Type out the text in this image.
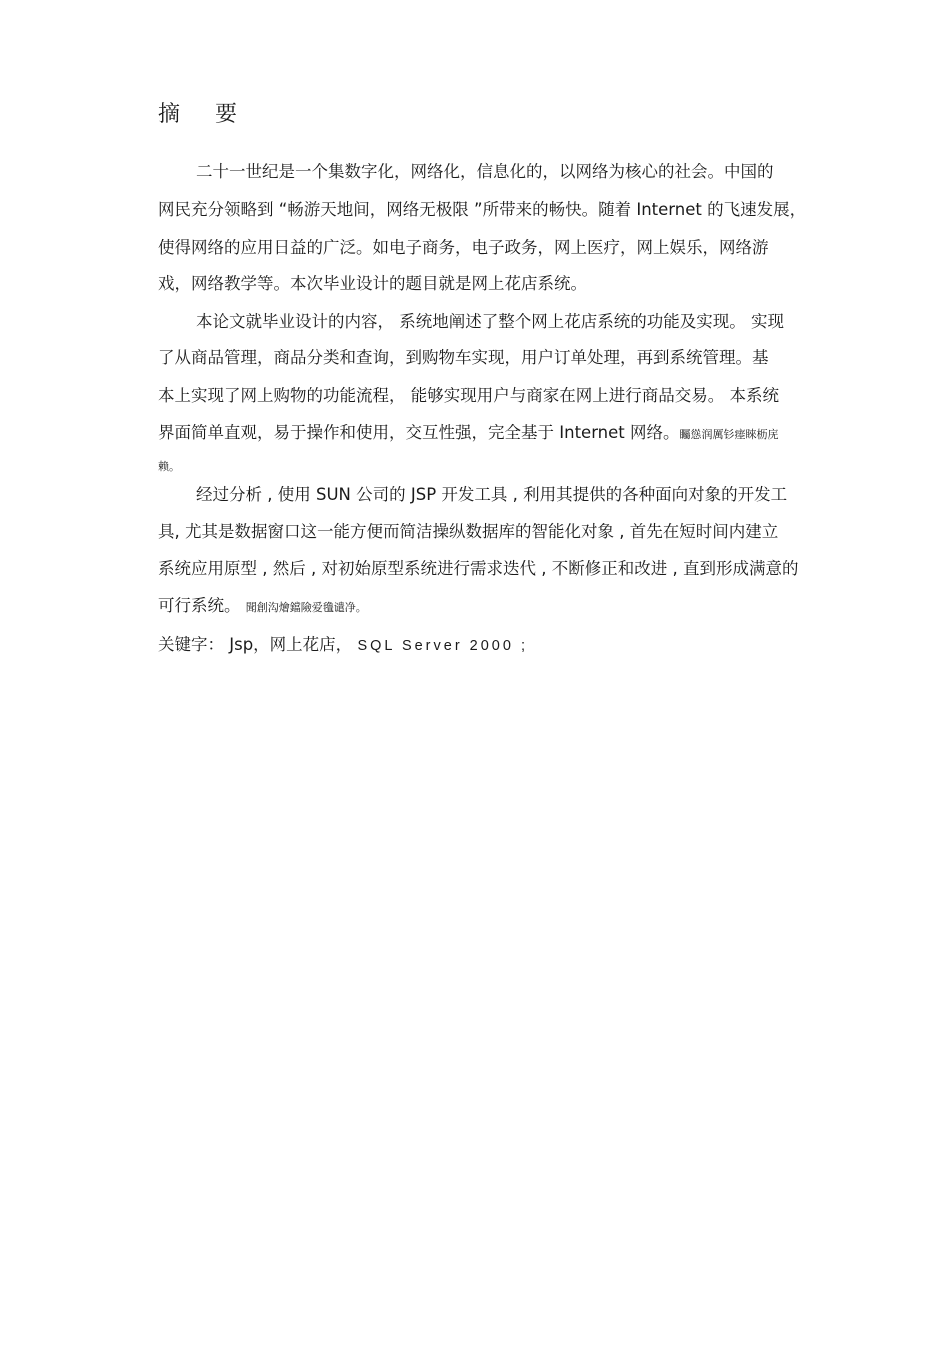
摘 要
二十一世纪是一个集数字化，网络化，信息化的，以网络为核心的社会。中国的
网民充分领略到 “畅游天地间，网络无极限 ”所带来的畅快。随着 Internet 的飞速发展，
使得网络的应用日益的广泛。如电子商务，电子政务，网上医疗，网上娱乐，网络游
戏，网络教学等。本次毕业设计的题目就是网上花店系统。
本论文就毕业设计的内容， 系统地阐述了整个网上花店系统的功能及实现。 实现
了从商品管理，商品分类和查询，到购物车实现，用户订单处理，再到系统管理。基
本上实现了网上购物的功能流程， 能够实现用户与商家在网上进行商品交易。 本系统
界面简单直观，易于操作和使用，交互性强，完全基于 Internet 网络。矚慫润厲钐瘗睞枥庑
赖。
经过分析 , 使用 SUN 公司的 JSP 开发工具 , 利用其提供的各种面向对象的开发工
具, 尤其是数据窗口这一能方便而简洁操纵数据库的智能化对象 , 首先在短时间内建立
系统应用原型 , 然后 , 对初始原型系统进行需求迭代 , 不断修正和改进 , 直到形成满意的
可行系统。 聞創沟燴鐺險爱氇谴净。
关键字： Jsp，网上花店， SQL Server 2000 ;
